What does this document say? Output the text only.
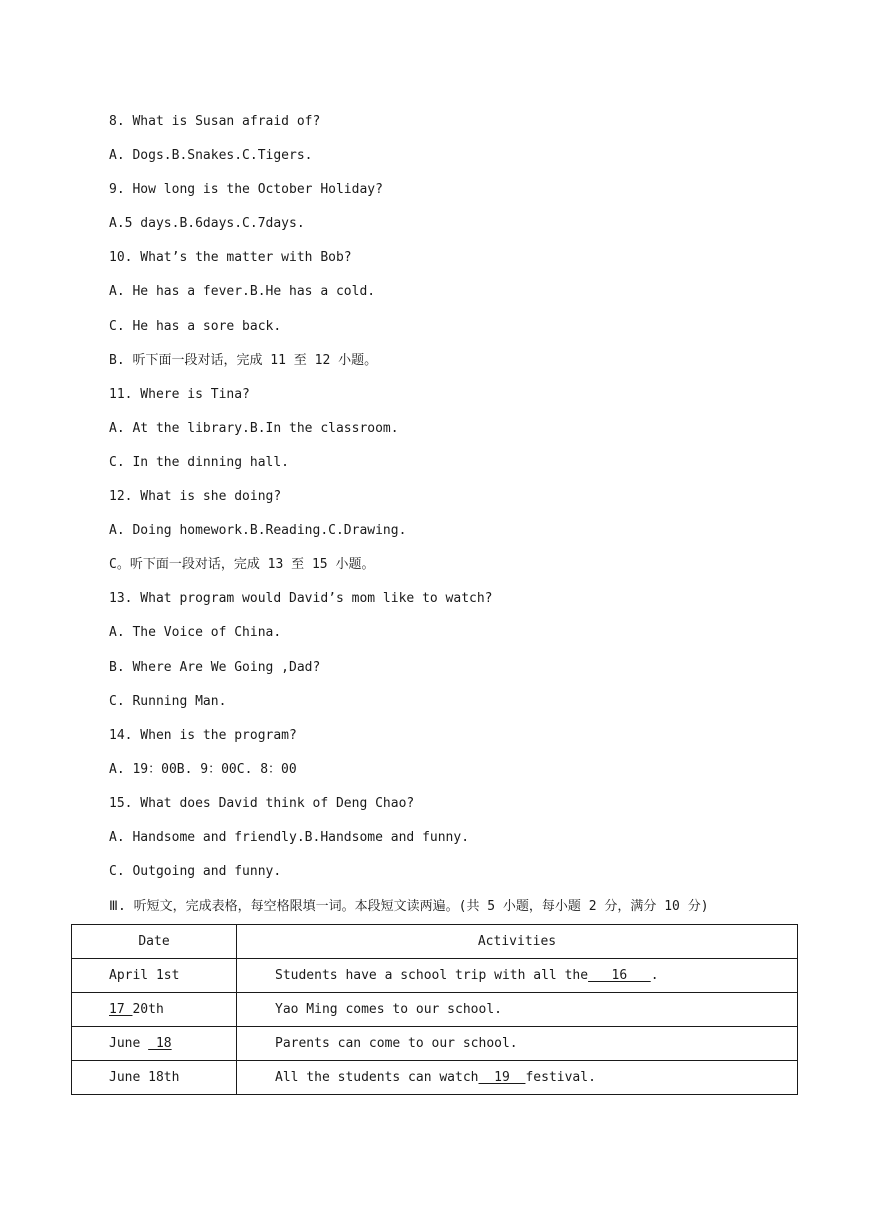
8. What is Susan afraid of?
A. Dogs.B.Snakes.C.Tigers.
9. How long is the October Holiday?
A.5 days.B.6days.C.7days.
10. What’s the matter with Bob?
A. He has a fever.B.He has a cold.
C. He has a sore back.
B. 听下面一段对话，完成 11 至 12 小题。
11. Where is Tina?
A. At the library.B.In the classroom.
C. In the dinning hall.
12. What is she doing?
A. Doing homework.B.Reading.C.Drawing.
C。听下面一段对话，完成 13 至 15 小题。
13. What program would David’s mom like to watch?
A. The Voice of China.
B. Where Are We Going ,Dad?
C. Running Man.
14. When is the program?
A. 19：00B. 9：00C. 8：00
15. What does David think of Deng Chao?
A. Handsome and friendly.B.Handsome and funny.
C. Outgoing and funny.
Ⅲ. 听短文，完成表格，每空格限填一词。本段短文读两遍。(共 5 小题，每小题 2 分，满分 10 分)
Date	Activities
April 1st	Students have a school trip with all the   16   .
17 20th	Yao Ming comes to our school.
June  18	Parents can come to our school.
June 18th	All the students can watch  19  festival.
